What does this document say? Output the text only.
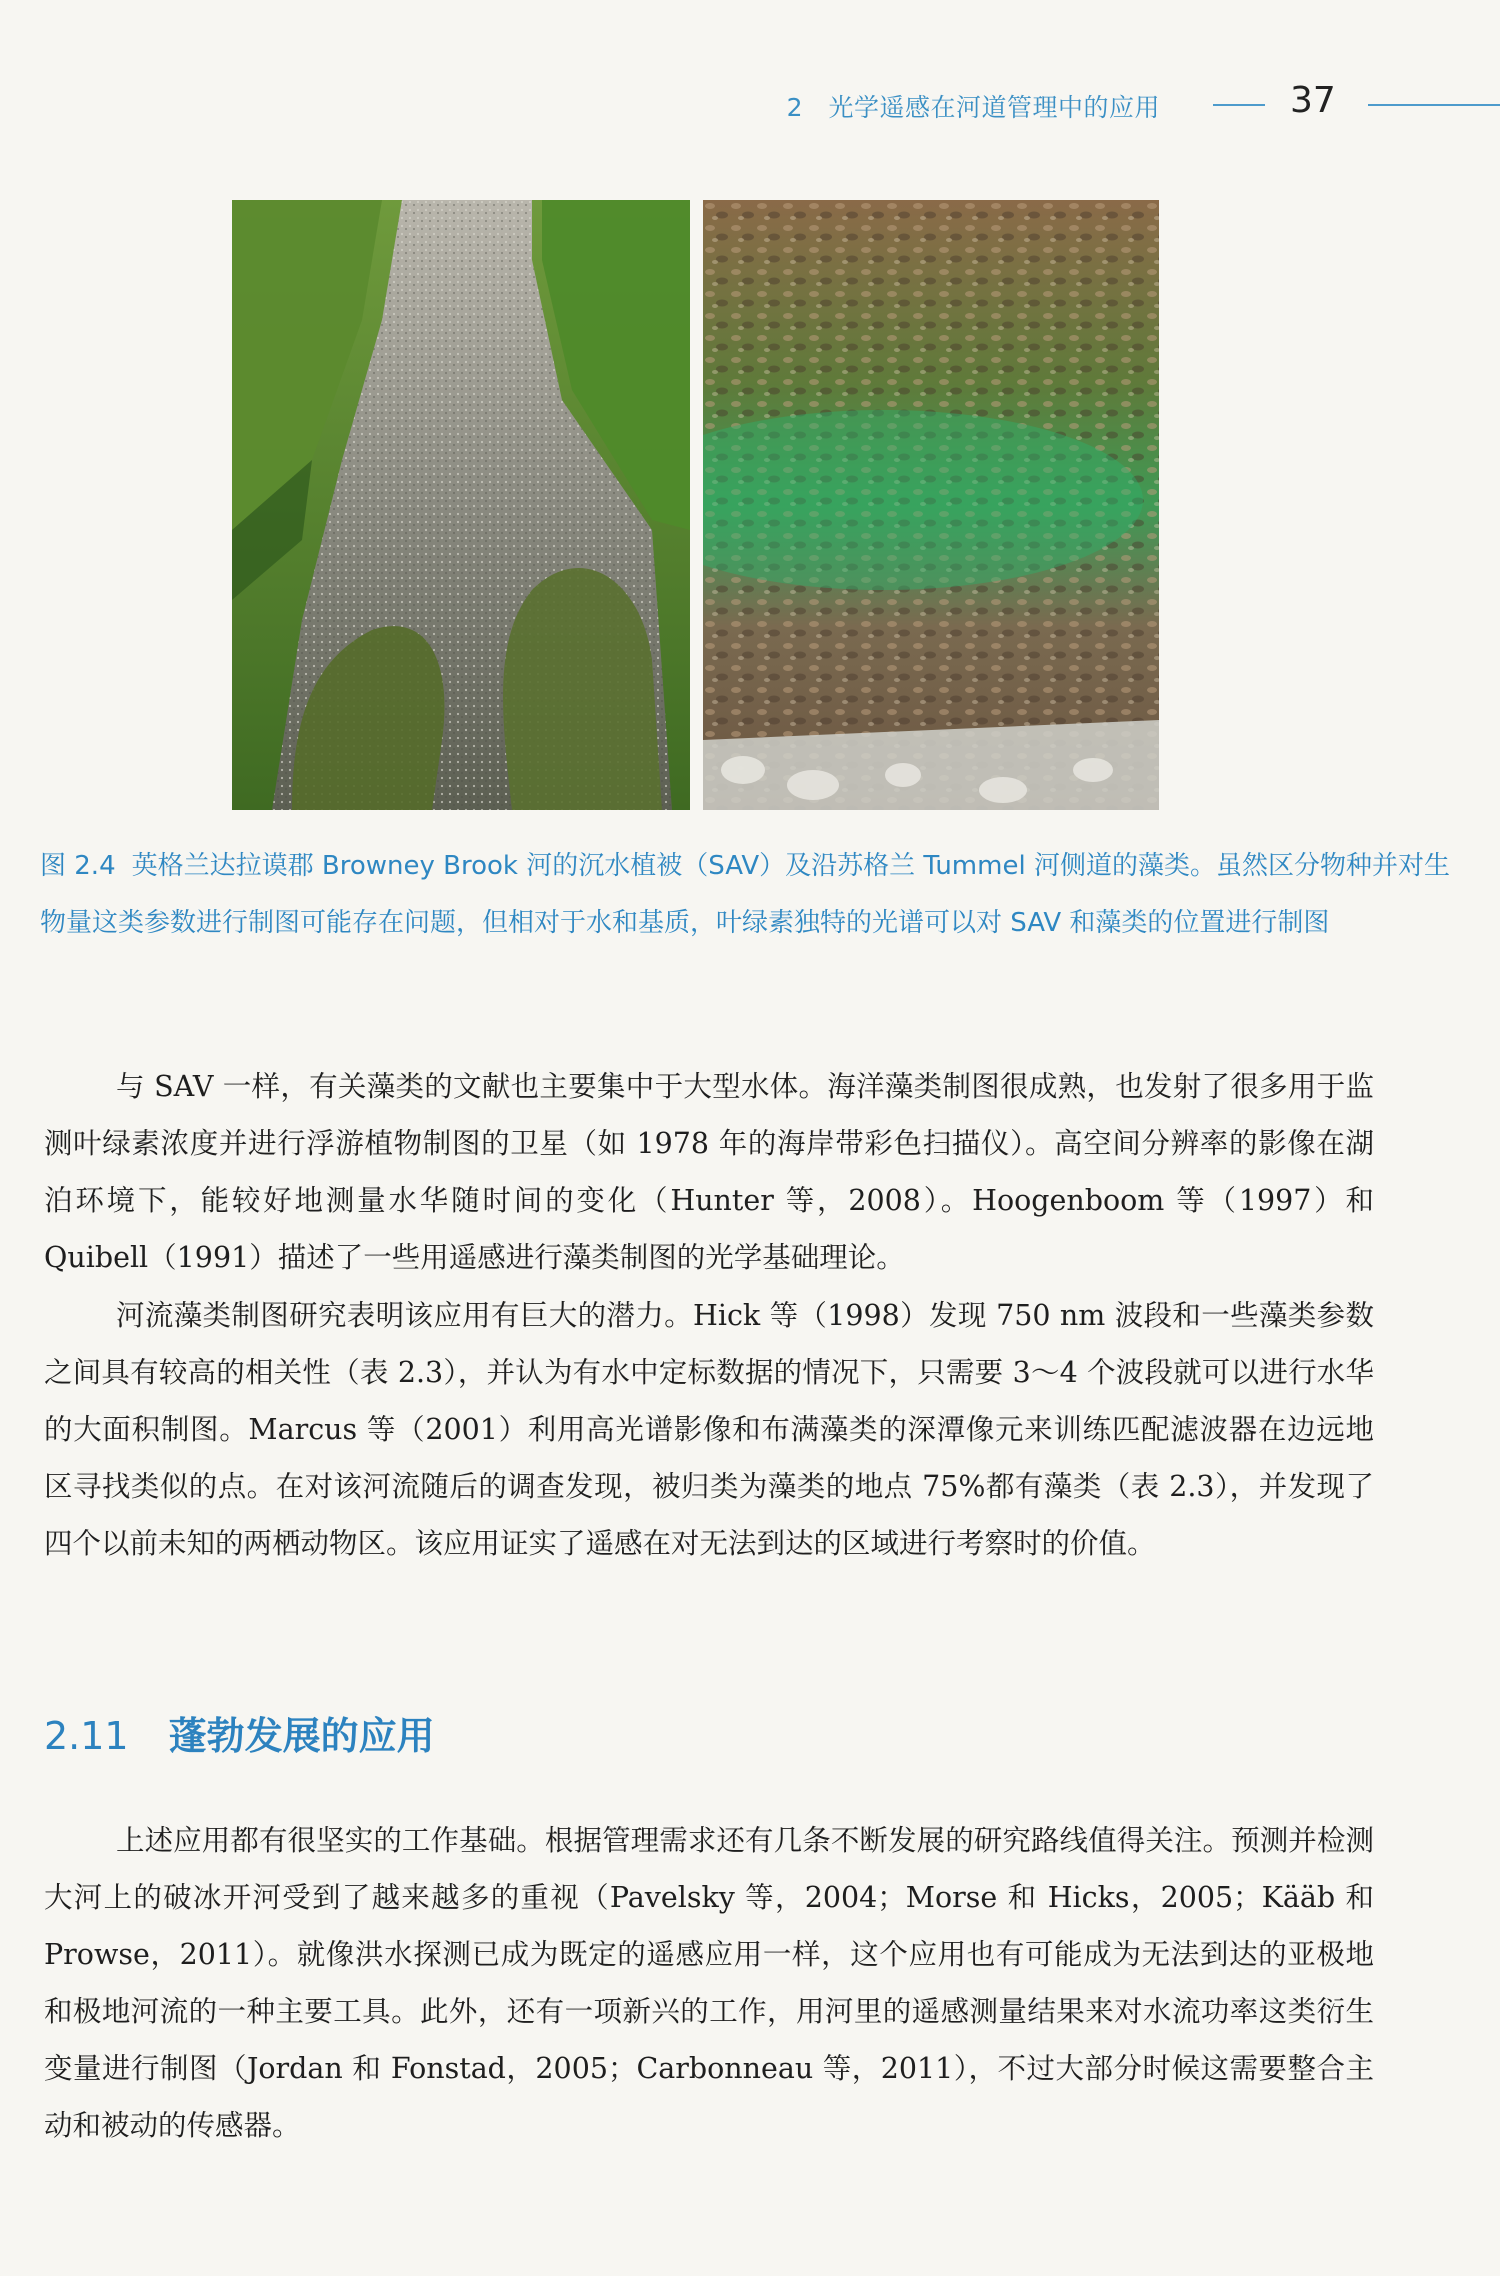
2　光学遥感在河道管理中的应用	37
图 2.4 英格兰达拉谟郡 Browney Brook 河的沉水植被（SAV）及沿苏格兰 Tummel 河侧道的藻类。虽然区分物种并对生物量这类参数进行制图可能存在问题，但相对于水和基质，叶绿素独特的光谱可以对 SAV 和藻类的位置进行制图

与 SAV 一样，有关藻类的文献也主要集中于大型水体。海洋藻类制图很成熟，也发射了很多用于监测叶绿素浓度并进行浮游植物制图的卫星（如 1978 年的海岸带彩色扫描仪）。高空间分辨率的影像在湖泊环境下，能较好地测量水华随时间的变化（Hunter 等，2008）。Hoogenboom 等（1997）和 Quibell（1991）描述了一些用遥感进行藻类制图的光学基础理论。

河流藻类制图研究表明该应用有巨大的潜力。Hick 等（1998）发现 750 nm 波段和一些藻类参数之间具有较高的相关性（表 2.3），并认为有水中定标数据的情况下，只需要 3～4 个波段就可以进行水华的大面积制图。Marcus 等（2001）利用高光谱影像和布满藻类的深潭像元来训练匹配滤波器在边远地区寻找类似的点。在对该河流随后的调查发现，被归类为藻类的地点 75%都有藻类（表 2.3），并发现了四个以前未知的两栖动物区。该应用证实了遥感在对无法到达的区域进行考察时的价值。

2.11 蓬勃发展的应用

上述应用都有很坚实的工作基础。根据管理需求还有几条不断发展的研究路线值得关注。预测并检测大河上的破冰开河受到了越来越多的重视（Pavelsky 等，2004；Morse 和 Hicks，2005；Kääb 和 Prowse，2011）。就像洪水探测已成为既定的遥感应用一样，这个应用也有可能成为无法到达的亚极地和极地河流的一种主要工具。此外，还有一项新兴的工作，用河里的遥感测量结果来对水流功率这类衍生变量进行制图（Jordan 和 Fonstad，2005；Carbonneau 等，2011），不过大部分时候这需要整合主动和被动的传感器。
